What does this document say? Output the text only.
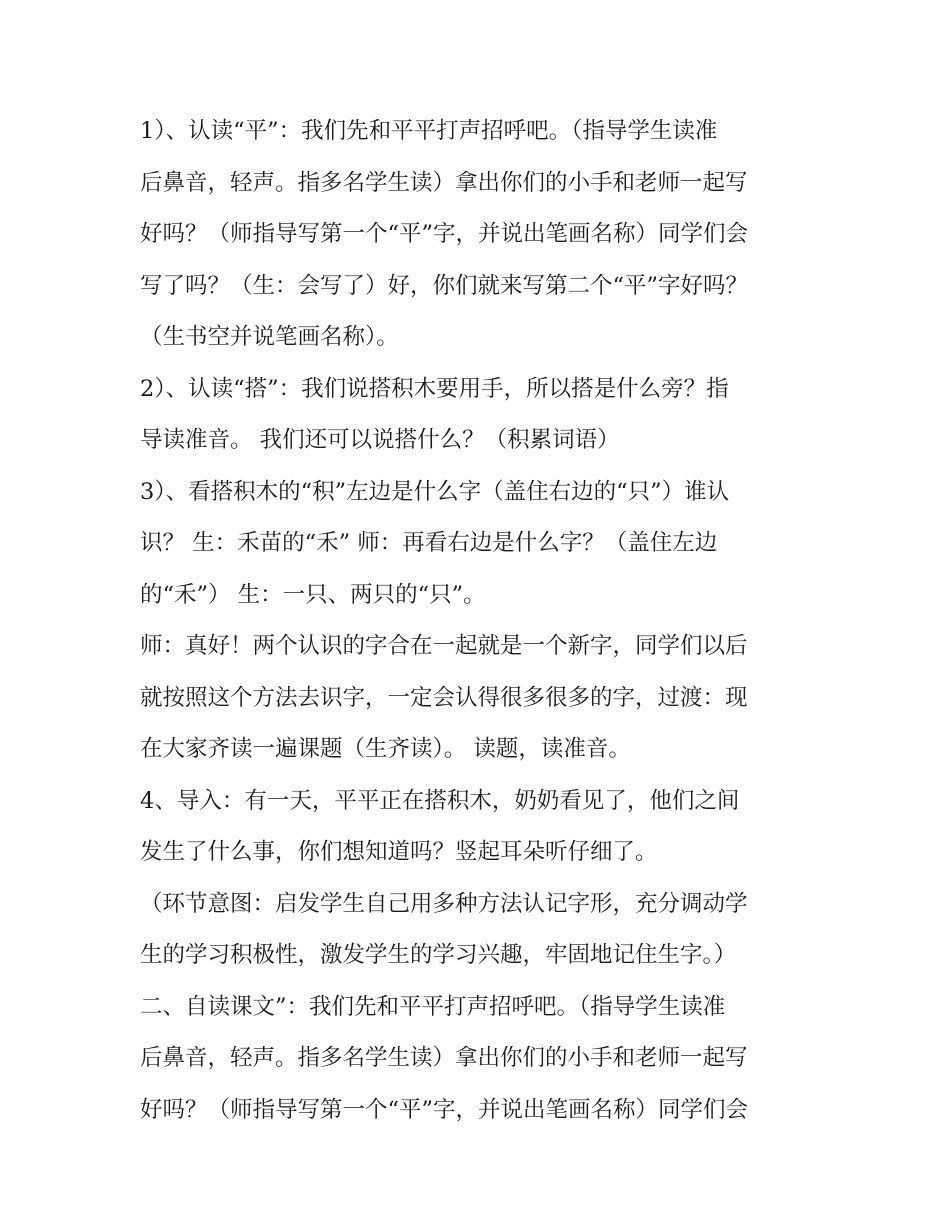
1）、认读“平”：我们先和平平打声招呼吧。（指导学生读准
后鼻音，轻声。指多名学生读）拿出你们的小手和老师一起写
好吗？（师指导写第一个“平”字，并说出笔画名称）同学们会
写了吗？（生：会写了）好，你们就来写第二个“平”字好吗？
（生书空并说笔画名称）。
2）、认读“搭”：我们说搭积木要用手，所以搭是什么旁？指
导读准音。 我们还可以说搭什么？（积累词语）
3）、看搭积木的“积”左边是什么字（盖住右边的“只”）谁认
识？ 生：禾苗的“禾” 师：再看右边是什么字？（盖住左边
的“禾”） 生：一只、两只的“只”。
师：真好！两个认识的字合在一起就是一个新字，同学们以后
就按照这个方法去识字，一定会认得很多很多的字，过渡：现
在大家齐读一遍课题（生齐读）。 读题，读准音。
4、导入：有一天，平平正在搭积木，奶奶看见了，他们之间
发生了什么事，你们想知道吗？竖起耳朵听仔细了。
（环节意图：启发学生自己用多种方法认记字形，充分调动学
生的学习积极性，激发学生的学习兴趣，牢固地记住生字。）
二、自读课文”：我们先和平平打声招呼吧。（指导学生读准
后鼻音，轻声。指多名学生读）拿出你们的小手和老师一起写
好吗？（师指导写第一个“平”字，并说出笔画名称）同学们会
